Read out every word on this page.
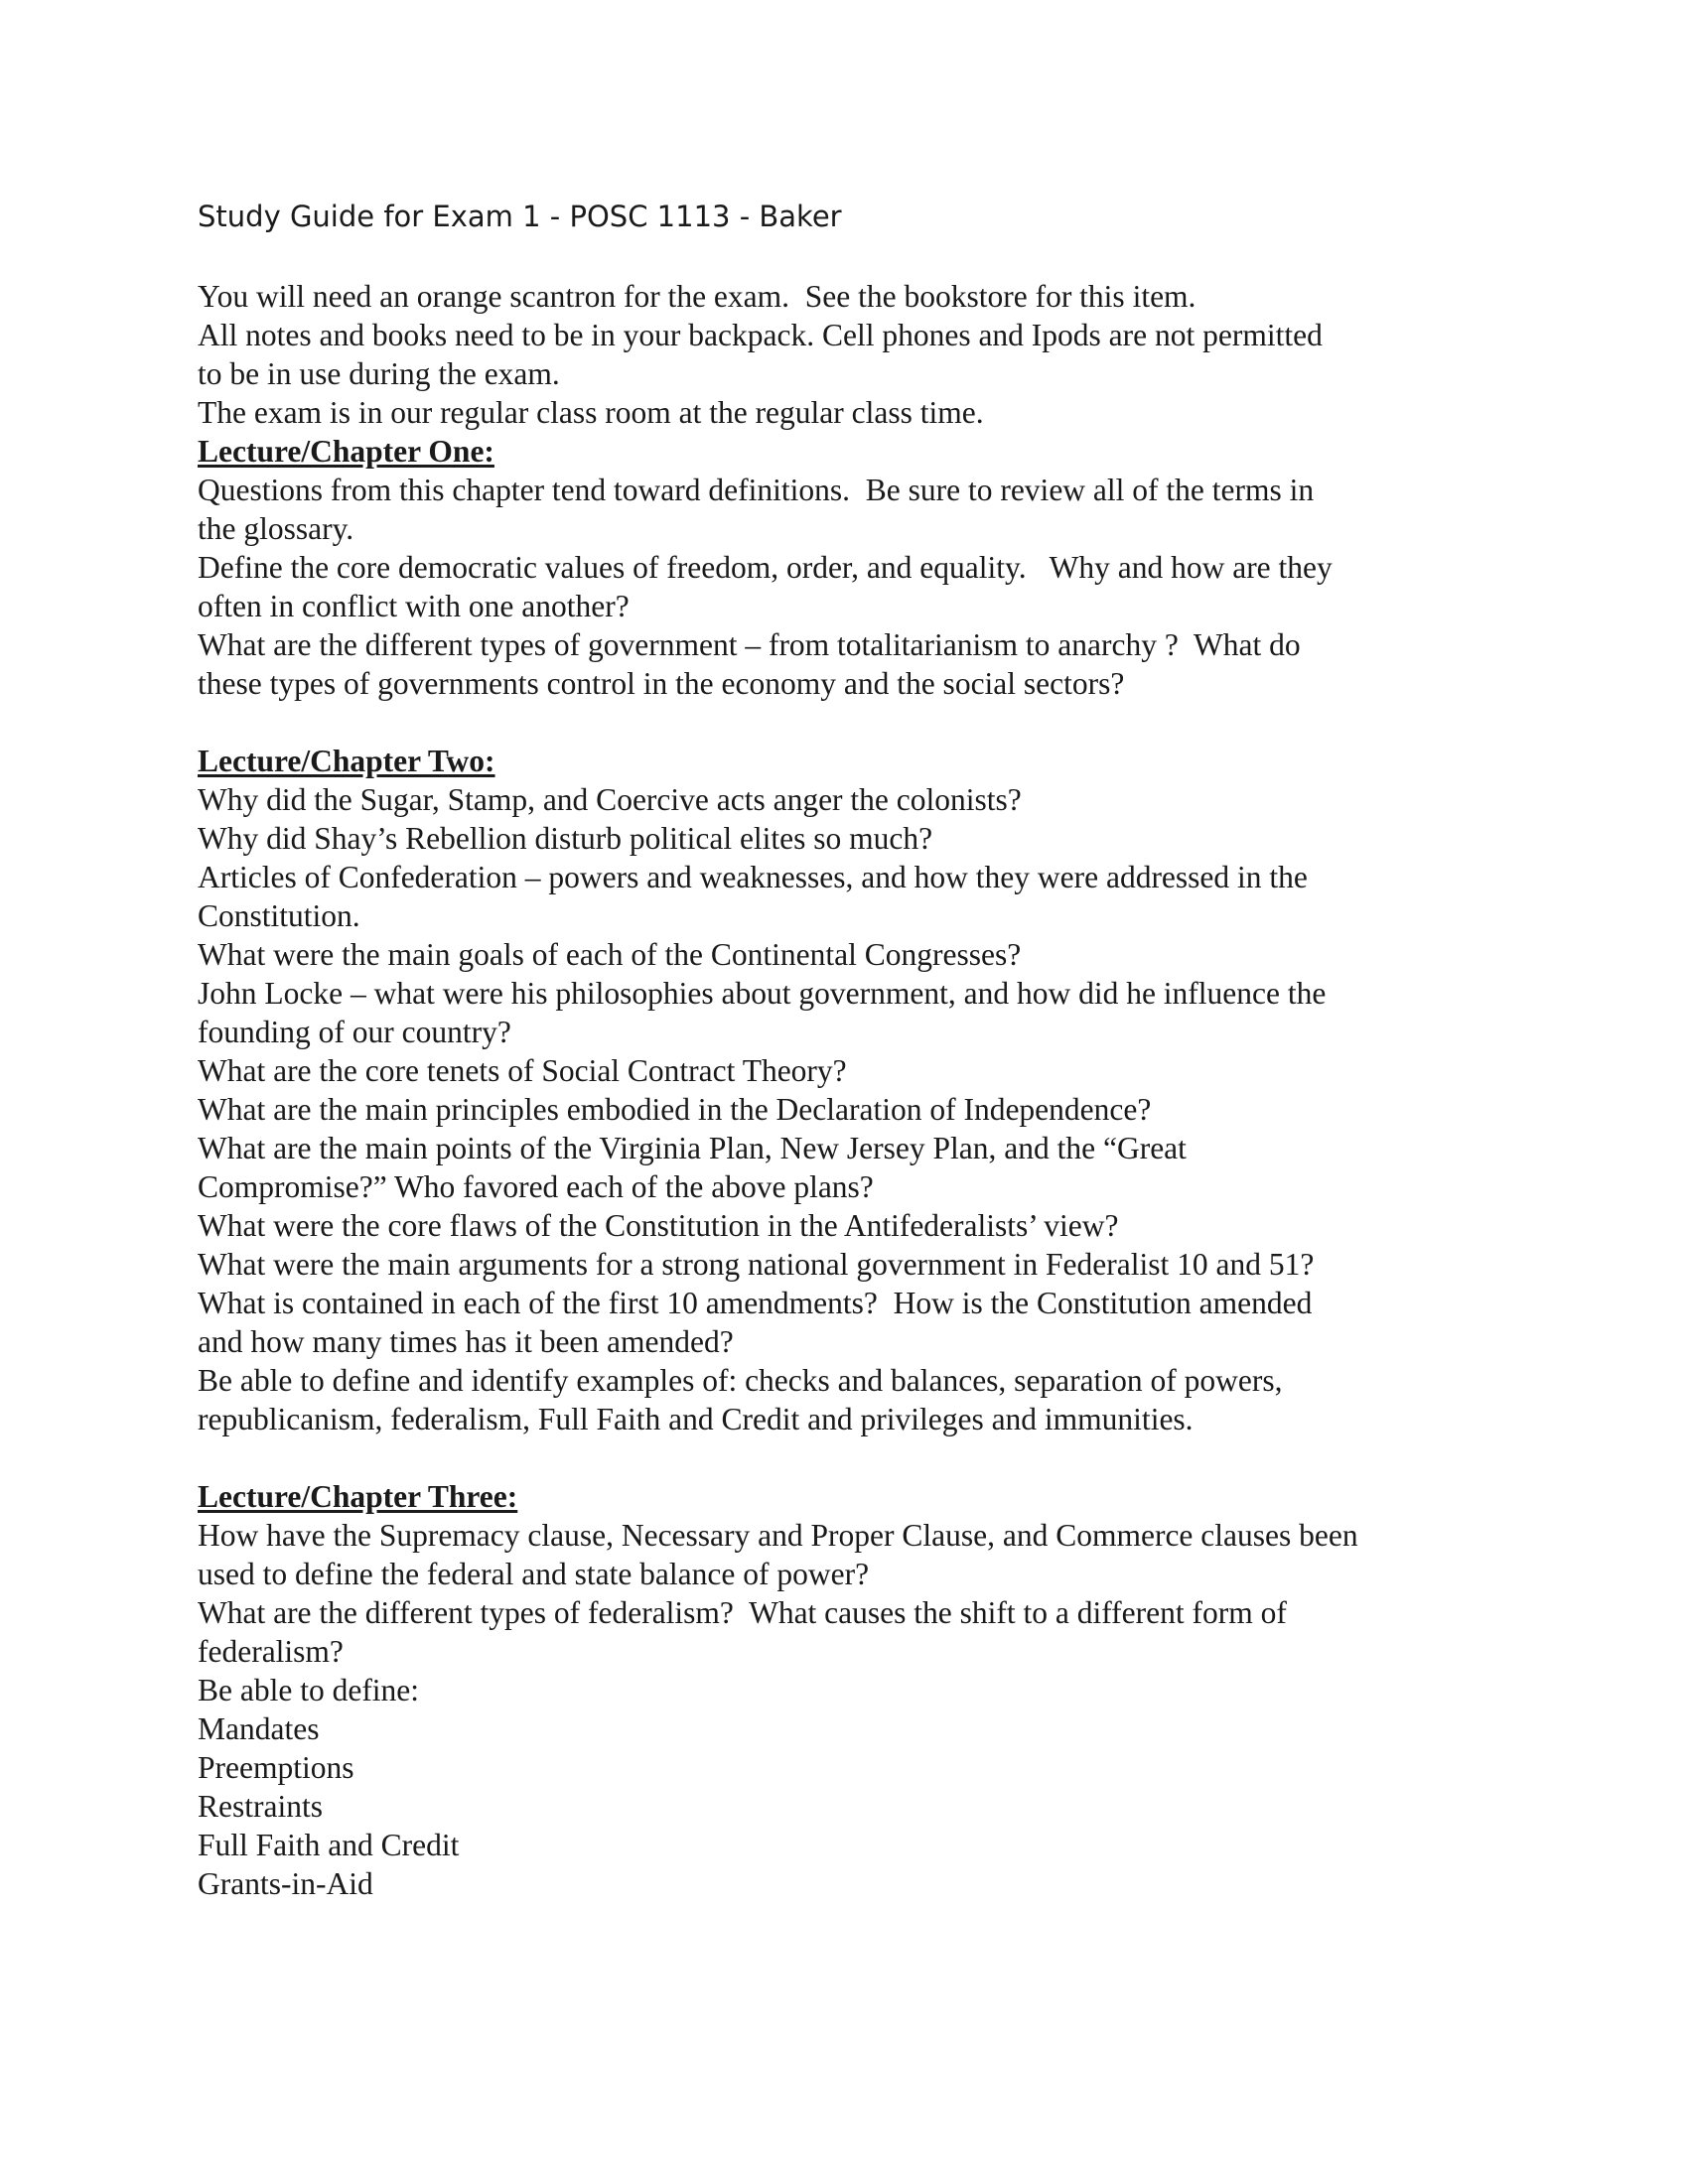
Study Guide for Exam 1 - POSC 1113 - Baker
You will need an orange scantron for the exam.  See the bookstore for this item.
All notes and books need to be in your backpack. Cell phones and Ipods are not permitted
to be in use during the exam.
The exam is in our regular class room at the regular class time.
Lecture/Chapter One:
Questions from this chapter tend toward definitions.  Be sure to review all of the terms in
the glossary.
Define the core democratic values of freedom, order, and equality.   Why and how are they
often in conflict with one another?
What are the different types of government – from totalitarianism to anarchy ?  What do
these types of governments control in the economy and the social sectors?
Lecture/Chapter Two:
Why did the Sugar, Stamp, and Coercive acts anger the colonists?
Why did Shay’s Rebellion disturb political elites so much?
Articles of Confederation – powers and weaknesses, and how they were addressed in the
Constitution.
What were the main goals of each of the Continental Congresses?
John Locke – what were his philosophies about government, and how did he influence the
founding of our country?
What are the core tenets of Social Contract Theory?
What are the main principles embodied in the Declaration of Independence?
What are the main points of the Virginia Plan, New Jersey Plan, and the “Great
Compromise?” Who favored each of the above plans?
What were the core flaws of the Constitution in the Antifederalists’ view?
What were the main arguments for a strong national government in Federalist 10 and 51?
What is contained in each of the first 10 amendments?  How is the Constitution amended
and how many times has it been amended?
Be able to define and identify examples of: checks and balances, separation of powers,
republicanism, federalism, Full Faith and Credit and privileges and immunities.
Lecture/Chapter Three:
How have the Supremacy clause, Necessary and Proper Clause, and Commerce clauses been
used to define the federal and state balance of power?
What are the different types of federalism?  What causes the shift to a different form of
federalism?
Be able to define:
Mandates
Preemptions
Restraints
Full Faith and Credit
Grants-in-Aid
